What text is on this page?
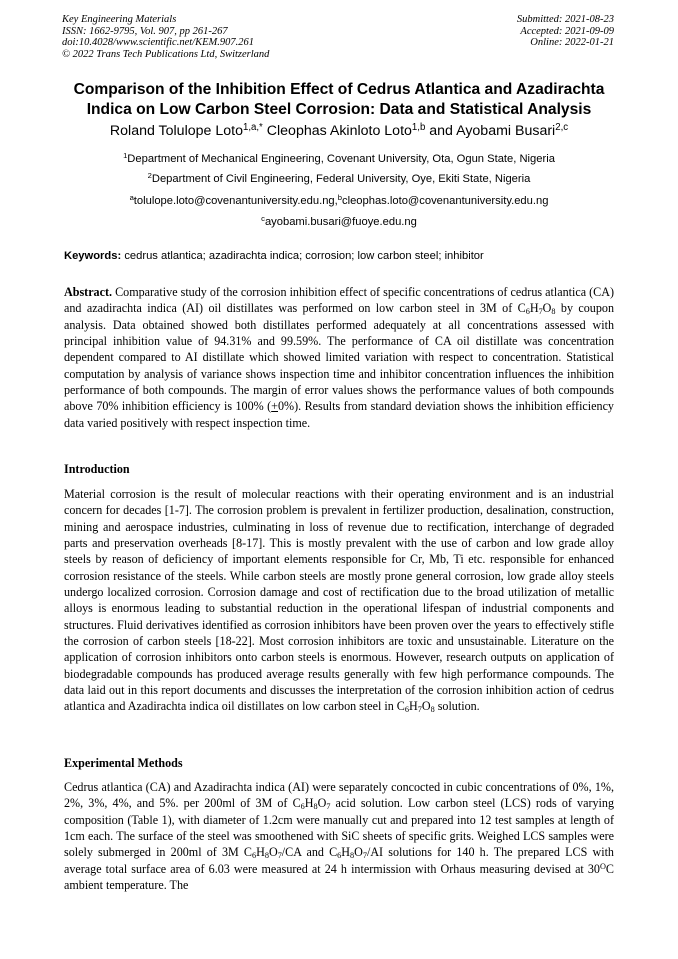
Key Engineering Materials
ISSN: 1662-9795, Vol. 907, pp 261-267
doi:10.4028/www.scientific.net/KEM.907.261
© 2022 Trans Tech Publications Ltd, Switzerland
Submitted: 2021-08-23
Accepted: 2021-09-09
Online: 2022-01-21
Comparison of the Inhibition Effect of Cedrus Atlantica and Azadirachta
Indica on Low Carbon Steel Corrosion: Data and Statistical Analysis
Roland Tolulope Loto$^{1,a,*}$ Cleophas Akinloto Loto$^{1,b}$ and Ayobami Busari$^{2,c}$
$^1$Department of Mechanical Engineering, Covenant University, Ota, Ogun State, Nigeria
$^2$Department of Civil Engineering, Federal University, Oye, Ekiti State, Nigeria
$^a$tolulope.loto@covenantuniversity.edu.ng,$^b$cleophas.loto@covenantuniversity.edu.ng
$^c$ayobami.busari@fuoye.edu.ng
Keywords: cedrus atlantica; azadirachta indica; corrosion; low carbon steel; inhibitor
Abstract. Comparative study of the corrosion inhibition effect of specific concentrations of cedrus atlantica (CA) and azadirachta indica (AI) oil distillates was performed on low carbon steel in 3M of $C_6H_7O_8$ by coupon analysis. Data obtained showed both distillates performed adequately at all concentrations assessed with principal inhibition value of 94.31% and 99.59%. The performance of CA oil distillate was concentration dependent compared to AI distillate which showed limited variation with respect to concentration. Statistical computation by analysis of variance shows inspection time and inhibitor concentration influences the inhibition performance of both compounds. The margin of error values shows the performance values of both compounds above 70% inhibition efficiency is 100% (+0%). Results from standard deviation shows the inhibition efficiency data varied positively with respect inspection time.
Introduction
Material corrosion is the result of molecular reactions with their operating environment and is an industrial concern for decades [1-7]. The corrosion problem is prevalent in fertilizer production, desalination, construction, mining and aerospace industries, culminating in loss of revenue due to rectification, interchange of degraded parts and preservation overheads [8-17]. This is mostly prevalent with the use of carbon and low grade alloy steels by reason of deficiency of important elements responsible for Cr, Mb, Ti etc. responsible for enhanced corrosion resistance of the steels. While carbon steels are mostly prone general corrosion, low grade alloy steels undergo localized corrosion. Corrosion damage and cost of rectification due to the broad utilization of metallic alloys is enormous leading to substantial reduction in the operational lifespan of industrial components and structures. Fluid derivatives identified as corrosion inhibitors have been proven over the years to effectively stifle the corrosion of carbon steels [18-22]. Most corrosion inhibitors are toxic and unsustainable. Literature on the application of corrosion inhibitors onto carbon steels is enormous. However, research outputs on application of biodegradable compounds has produced average results generally with few high performance compounds. The data laid out in this report documents and discusses the interpretation of the corrosion inhibition action of cedrus atlantica and Azadirachta indica oil distillates on low carbon steel in $C_6H_7O_8$ solution.
Experimental Methods
Cedrus atlantica (CA) and Azadirachta indica (AI) were separately concocted in cubic concentrations of 0%, 1%, 2%, 3%, 4%, and 5%. per 200ml of 3M of $C_6H_8O_7$ acid solution. Low carbon steel (LCS) rods of varying composition (Table 1), with diameter of 1.2cm were manually cut and prepared into 12 test samples at length of 1cm each. The surface of the steel was smoothened with SiC sheets of specific grits. Weighed LCS samples were solely submerged in 200ml of 3M $C_6H_8O_7/CA$ and $C_6H_8O_7/AI$ solutions for 140 h. The prepared LCS with average total surface area of 6.03 were measured at 24 h intermission with Orhaus measuring devised at $30^OC$ ambient temperature. The
